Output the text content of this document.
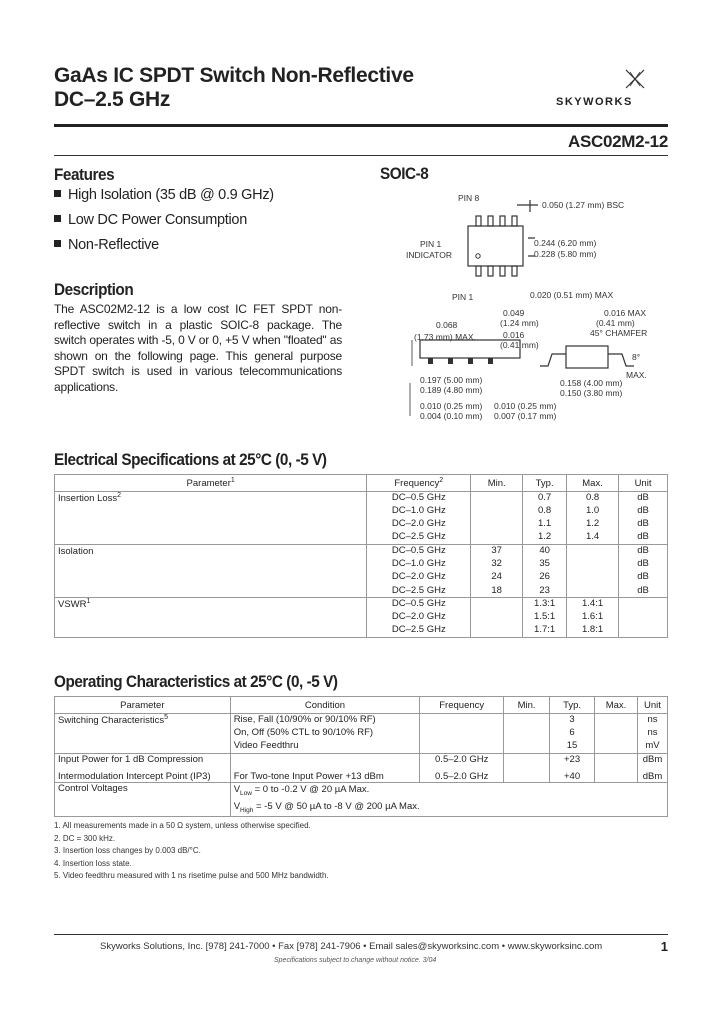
GaAs IC SPDT Switch Non-Reflective
DC–2.5 GHz	SKYWORKS
ASC02M2-12
Features
High Isolation (35 dB @ 0.9 GHz)
Low DC Power Consumption
Non-Reflective
Description
The ASC02M2-12 is a low cost IC FET SPDT non-reflective switch in a plastic SOIC-8 package. The switch operates with -5, 0 V or 0, +5 V when "floated" as shown on the following page. This general purpose SPDT switch is used in various telecommunications applications.
SOIC-8
PIN 8
0.050 (1.27 mm) BSC
PIN 1
INDICATOR
0.244 (6.20 mm)
0.228 (5.80 mm)
PIN 1	0.020 (0.51 mm) MAX
0.068
(1.73 mm) MAX.
0.197 (5.00 mm)
0.189 (4.80 mm)
0.010 (0.25 mm)
0.004 (0.10 mm)
0.049
(1.24 mm)
0.016
(0.41 mm)
0.016 MAX
(0.41 mm)
45° CHAMFER
8°
MAX.
0.158 (4.00 mm)
0.150 (3.80 mm)
0.010 (0.25 mm)
0.007 (0.17 mm)
Electrical Specifications at 25°C (0, -5 V)
Parameter$^1$	Frequency$^2$	Min.	Typ.	Max.	Unit
Insertion Loss$^2$	DC–0.5 GHz		0.7	0.8	dB
	DC–1.0 GHz		0.8	1.0	dB
	DC–2.0 GHz		1.1	1.2	dB
	DC–2.5 GHz		1.2	1.4	dB
Isolation	DC–0.5 GHz	37	40		dB
	DC–1.0 GHz	32	35		dB
	DC–2.0 GHz	24	26		dB
	DC–2.5 GHz	18	23		dB
VSWR$^1$	DC–0.5 GHz		1.3:1	1.4:1	
	DC–2.0 GHz		1.5:1	1.6:1	
	DC–2.5 GHz		1.7:1	1.8:1	
Operating Characteristics at 25°C (0, -5 V)
Parameter	Condition	Frequency	Min.	Typ.	Max.	Unit
Switching Characteristics$^5$	Rise, Fall (10/90% or 90/10% RF)			3		ns
	On, Off (50% CTL to 90/10% RF)			6		ns
	Video Feedthru			15		mV
Input Power for 1 dB Compression		0.5–2.0 GHz		+23		dBm
Intermodulation Intercept Point (IP3)	For Two-tone Input Power +13 dBm	0.5–2.0 GHz		+40		dBm
Control Voltages	$V_{Low} = 0$ to -0.2 V @ 20 µA Max.
$V_{High} = -5$ V @ 50 µA to -8 V @ 200 µA Max.					
1. All measurements made in a 50 Ω system, unless otherwise specified.
2. DC = 300 kHz.
3. Insertion loss changes by 0.003 dB/°C.
4. Insertion loss state.
5. Video feedthru measured with 1 ns risetime pulse and 500 MHz bandwidth.
Skyworks Solutions, Inc. [978] 241-7000 • Fax [978] 241-7906 • Email sales@skyworksinc.com • www.skyworksinc.com	1
Specifications subject to change without notice. 3/04
